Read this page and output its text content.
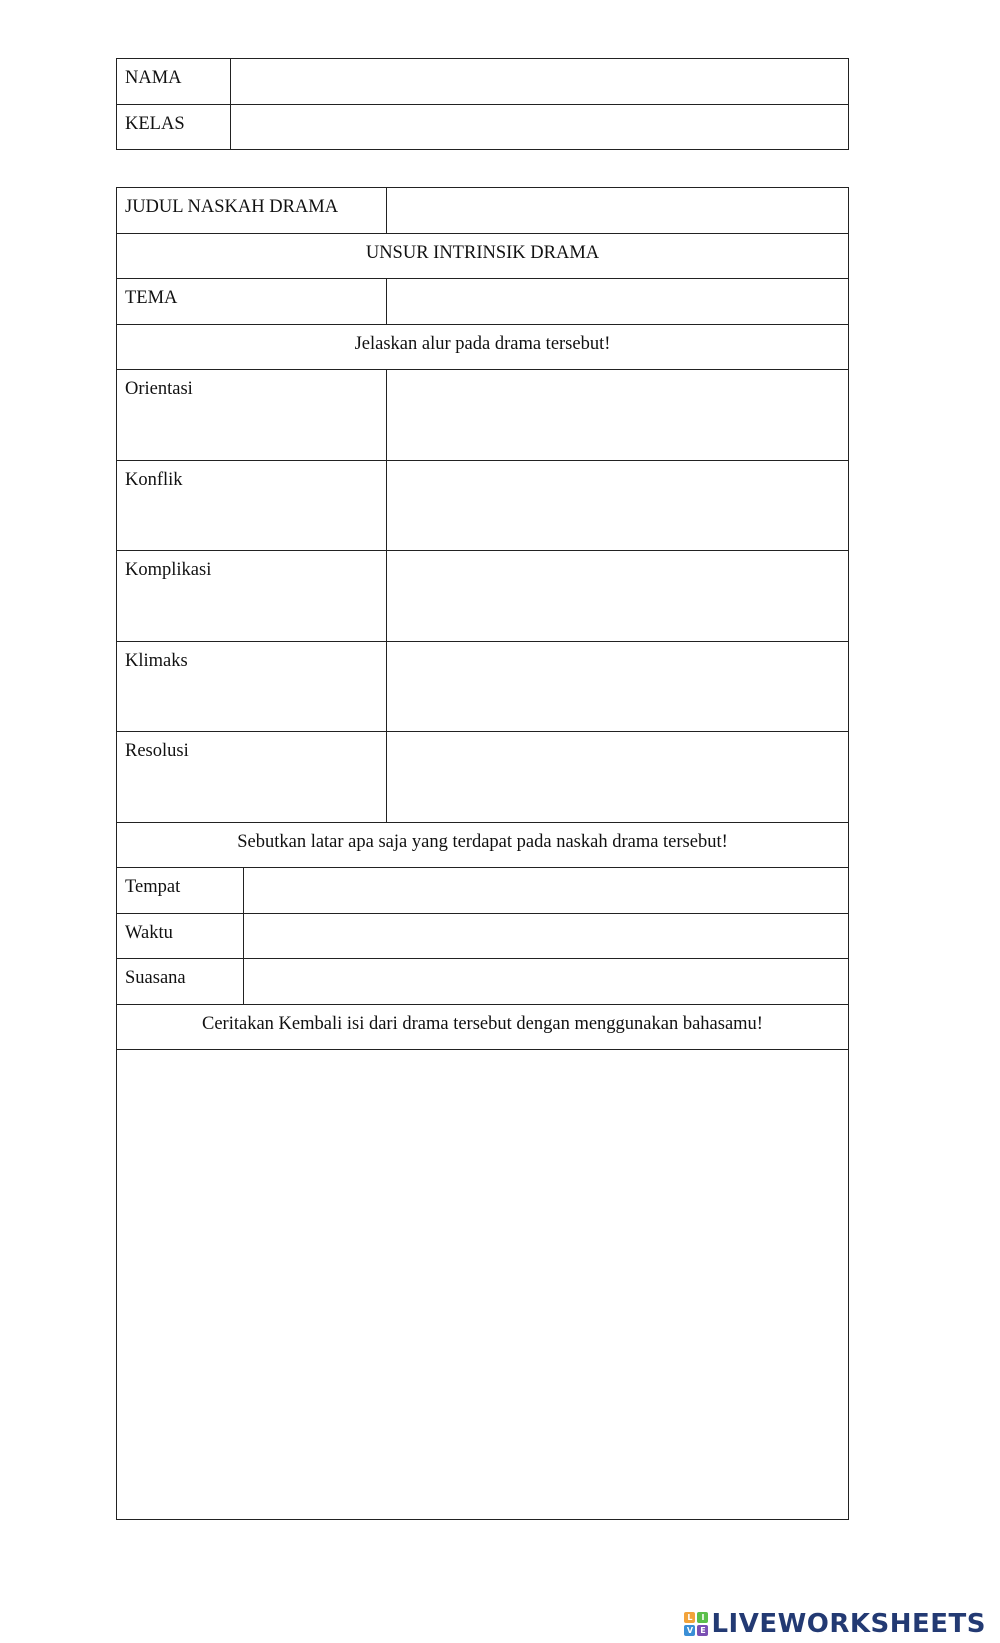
NAMA	
KELAS	
JUDUL NASKAH DRAMA		
UNSUR INTRINSIK DRAMA		
TEMA		
Jelaskan alur pada drama tersebut!		
Orientasi		
Konflik		
Komplikasi		
Klimaks		
Resolusi		
Sebutkan latar apa saja yang terdapat pada naskah drama tersebut!		
Tempat		
Waktu		
Suasana		
Ceritakan Kembali isi dari drama tersebut dengan menggunakan bahasamu!		

L	I
V E LIVEWORKSHEETS
